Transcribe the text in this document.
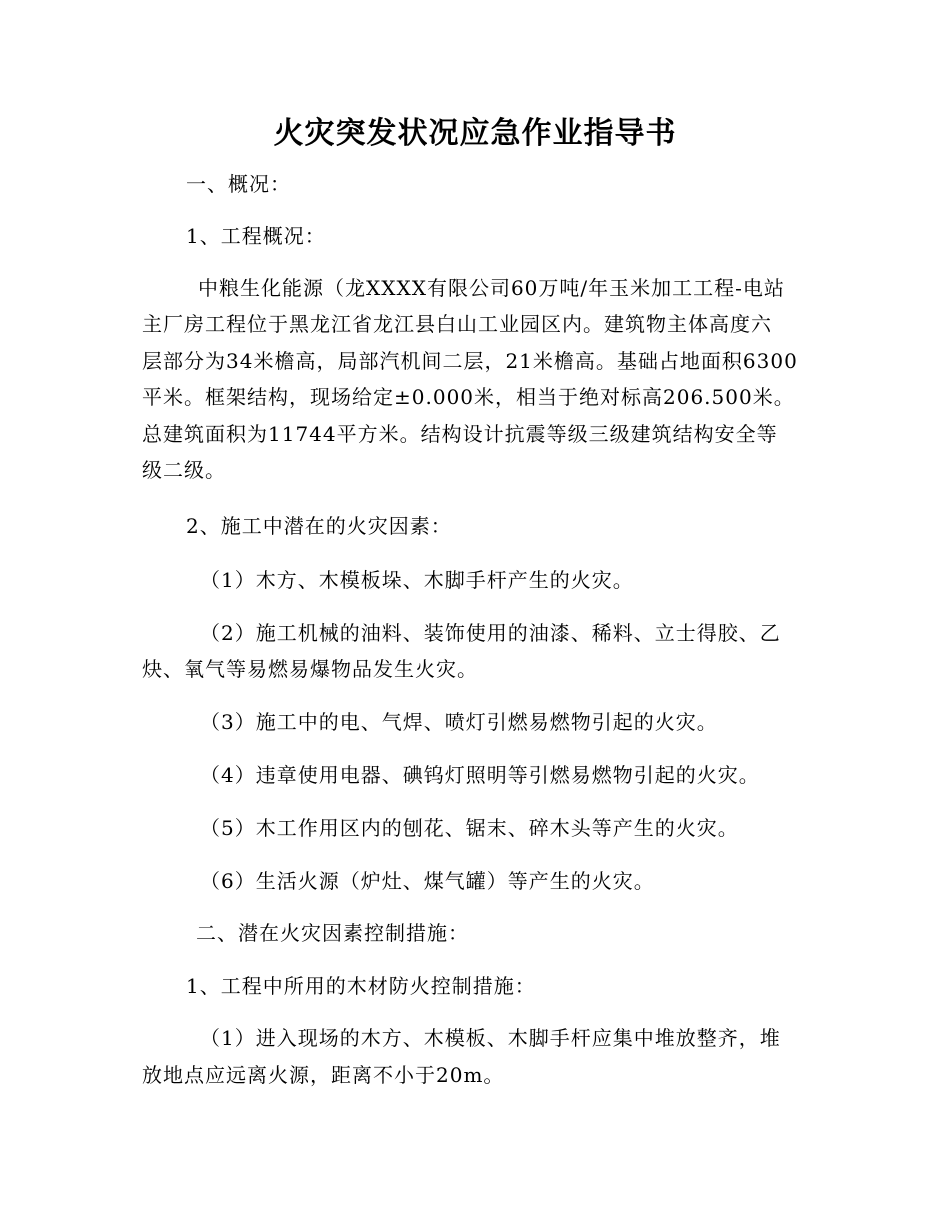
火灾突发状况应急作业指导书
一、概况：
1、工程概况：
中粮生化能源（龙XXXX有限公司60万吨/年玉米加工工程-电站
主厂房工程位于黑龙江省龙江县白山工业园区内。建筑物主体高度六
层部分为34米檐高，局部汽机间二层，21米檐高。基础占地面积6300
平米。框架结构，现场给定±0.000米，相当于绝对标高206.500米。
总建筑面积为11744平方米。结构设计抗震等级三级建筑结构安全等
级二级。
2、施工中潜在的火灾因素：
（1）木方、木模板垛、木脚手杆产生的火灾。
（2）施工机械的油料、装饰使用的油漆、稀料、立士得胶、乙
炔、氧气等易燃易爆物品发生火灾。
（3）施工中的电、气焊、喷灯引燃易燃物引起的火灾。
（4）违章使用电器、碘钨灯照明等引燃易燃物引起的火灾。
（5）木工作用区内的刨花、锯末、碎木头等产生的火灾。
（6）生活火源（炉灶、煤气罐）等产生的火灾。
二、潜在火灾因素控制措施：
1、工程中所用的木材防火控制措施：
（1）进入现场的木方、木模板、木脚手杆应集中堆放整齐，堆
放地点应远离火源，距离不小于20m。
